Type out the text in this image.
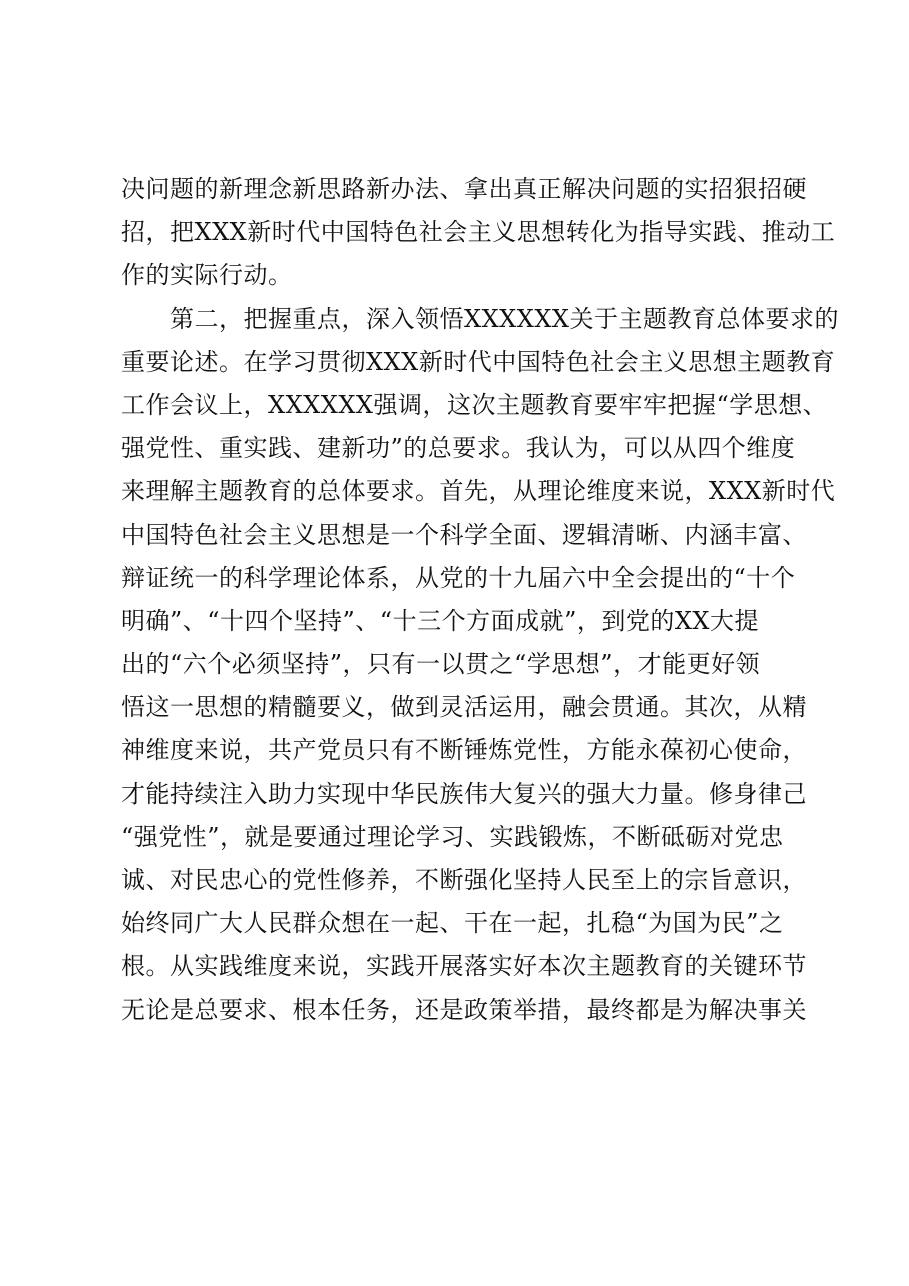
决问题的新理念新思路新办法、拿出真正解决问题的实招狠招硬
招，把XXX新时代中国特色社会主义思想转化为指导实践、推动工
作的实际行动。
　　第二，把握重点，深入领悟XXXXXX关于主题教育总体要求的
重要论述。在学习贯彻XXX新时代中国特色社会主义思想主题教育
工作会议上，XXXXXX强调，这次主题教育要牢牢把握“学思想、
强党性、重实践、建新功”的总要求。我认为，可以从四个维度
来理解主题教育的总体要求。首先，从理论维度来说，XXX新时代
中国特色社会主义思想是一个科学全面、逻辑清晰、内涵丰富、
辩证统一的科学理论体系，从党的十九届六中全会提出的“十个
明确”、“十四个坚持”、“十三个方面成就”，到党的XX大提
出的“六个必须坚持”，只有一以贯之“学思想”，才能更好领
悟这一思想的精髓要义，做到灵活运用，融会贯通。其次，从精
神维度来说，共产党员只有不断锤炼党性，方能永葆初心使命，
才能持续注入助力实现中华民族伟大复兴的强大力量。修身律己
“强党性”，就是要通过理论学习、实践锻炼，不断砥砺对党忠
诚、对民忠心的党性修养，不断强化坚持人民至上的宗旨意识，
始终同广大人民群众想在一起、干在一起，扎稳“为国为民”之
根。从实践维度来说，实践开展落实好本次主题教育的关键环节
无论是总要求、根本任务，还是政策举措，最终都是为解决事关
